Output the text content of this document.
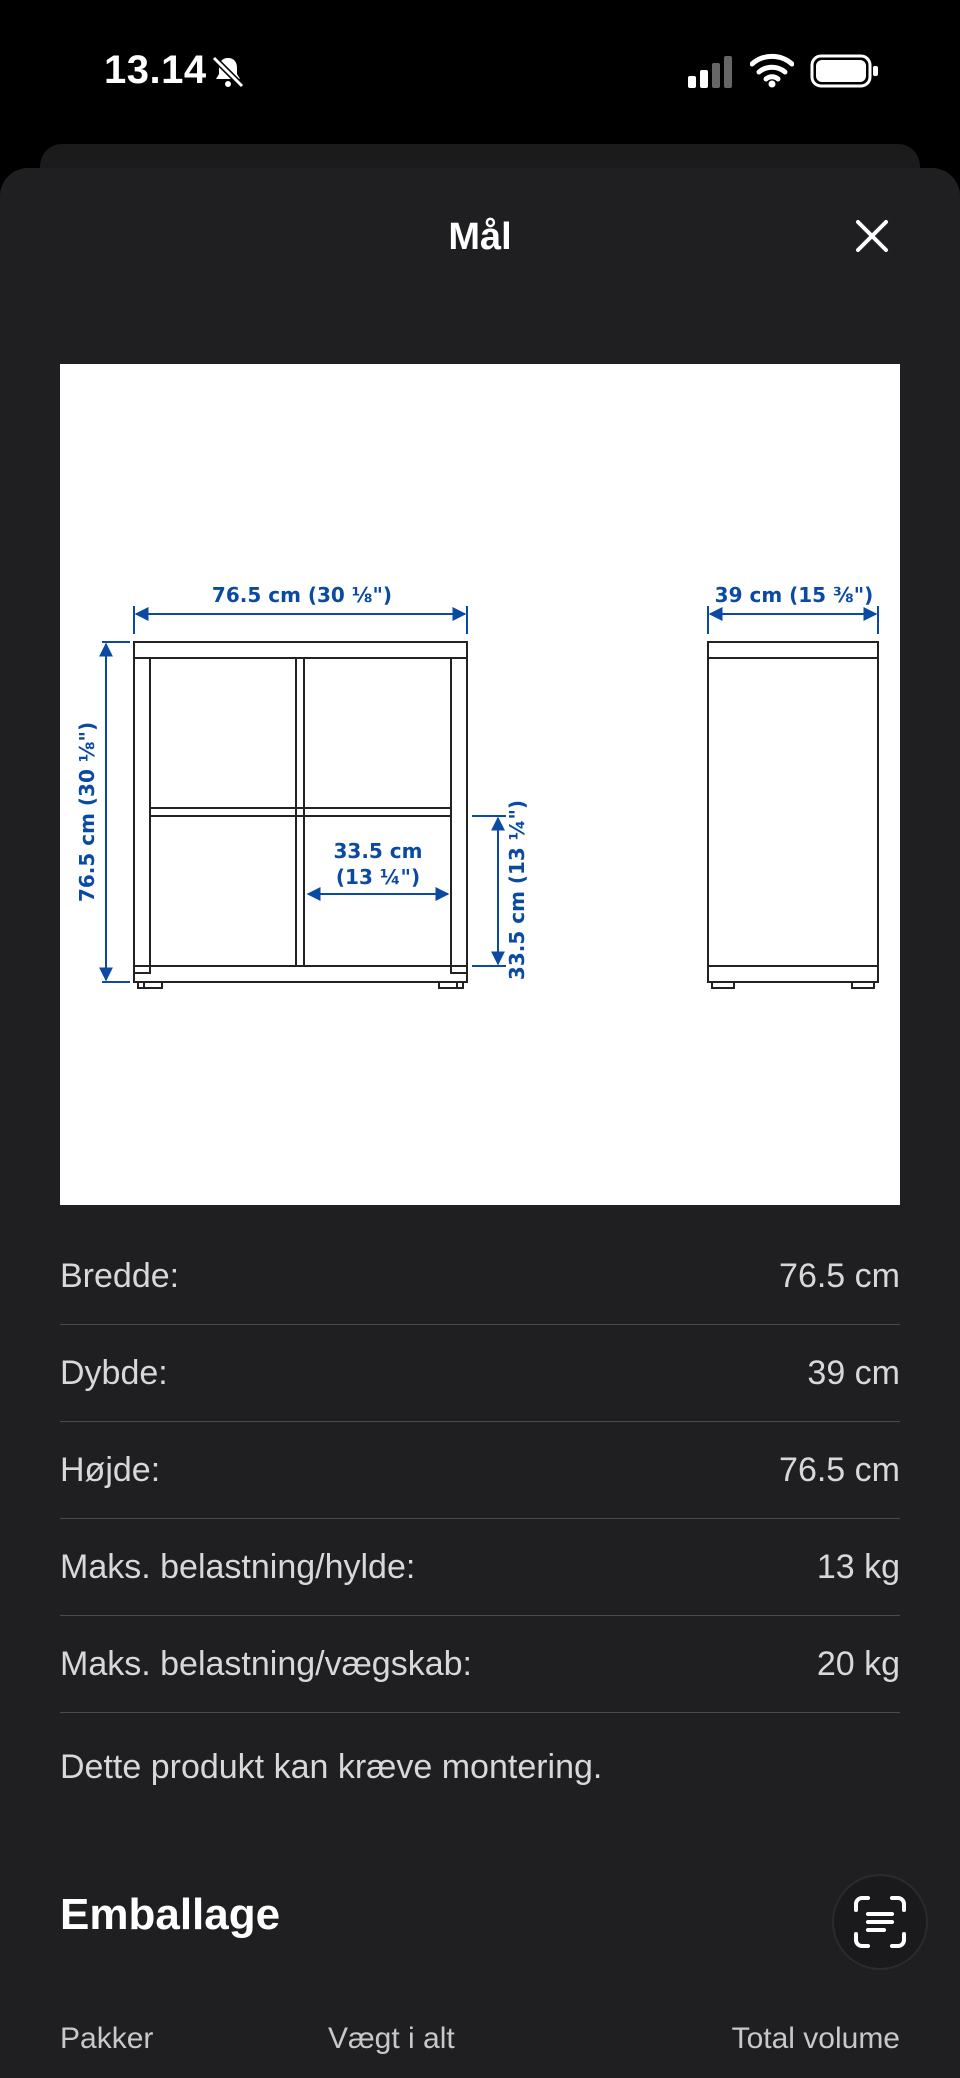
13.14
Mål
76.5 cm (30 ⅛")	39 cm (15 ⅜")
76.5 cm (30 ⅛")	33.5 cm
(13 ¼")	33.5 cm (13 ¼")
Bredde:	76.5 cm
Dybde:	39 cm
Højde:	76.5 cm
Maks. belastning/hylde:	13 kg
Maks. belastning/vægskab:	20 kg
Dette produkt kan kræve montering.
Emballage
Pakker	Vægt i alt	Total volume
